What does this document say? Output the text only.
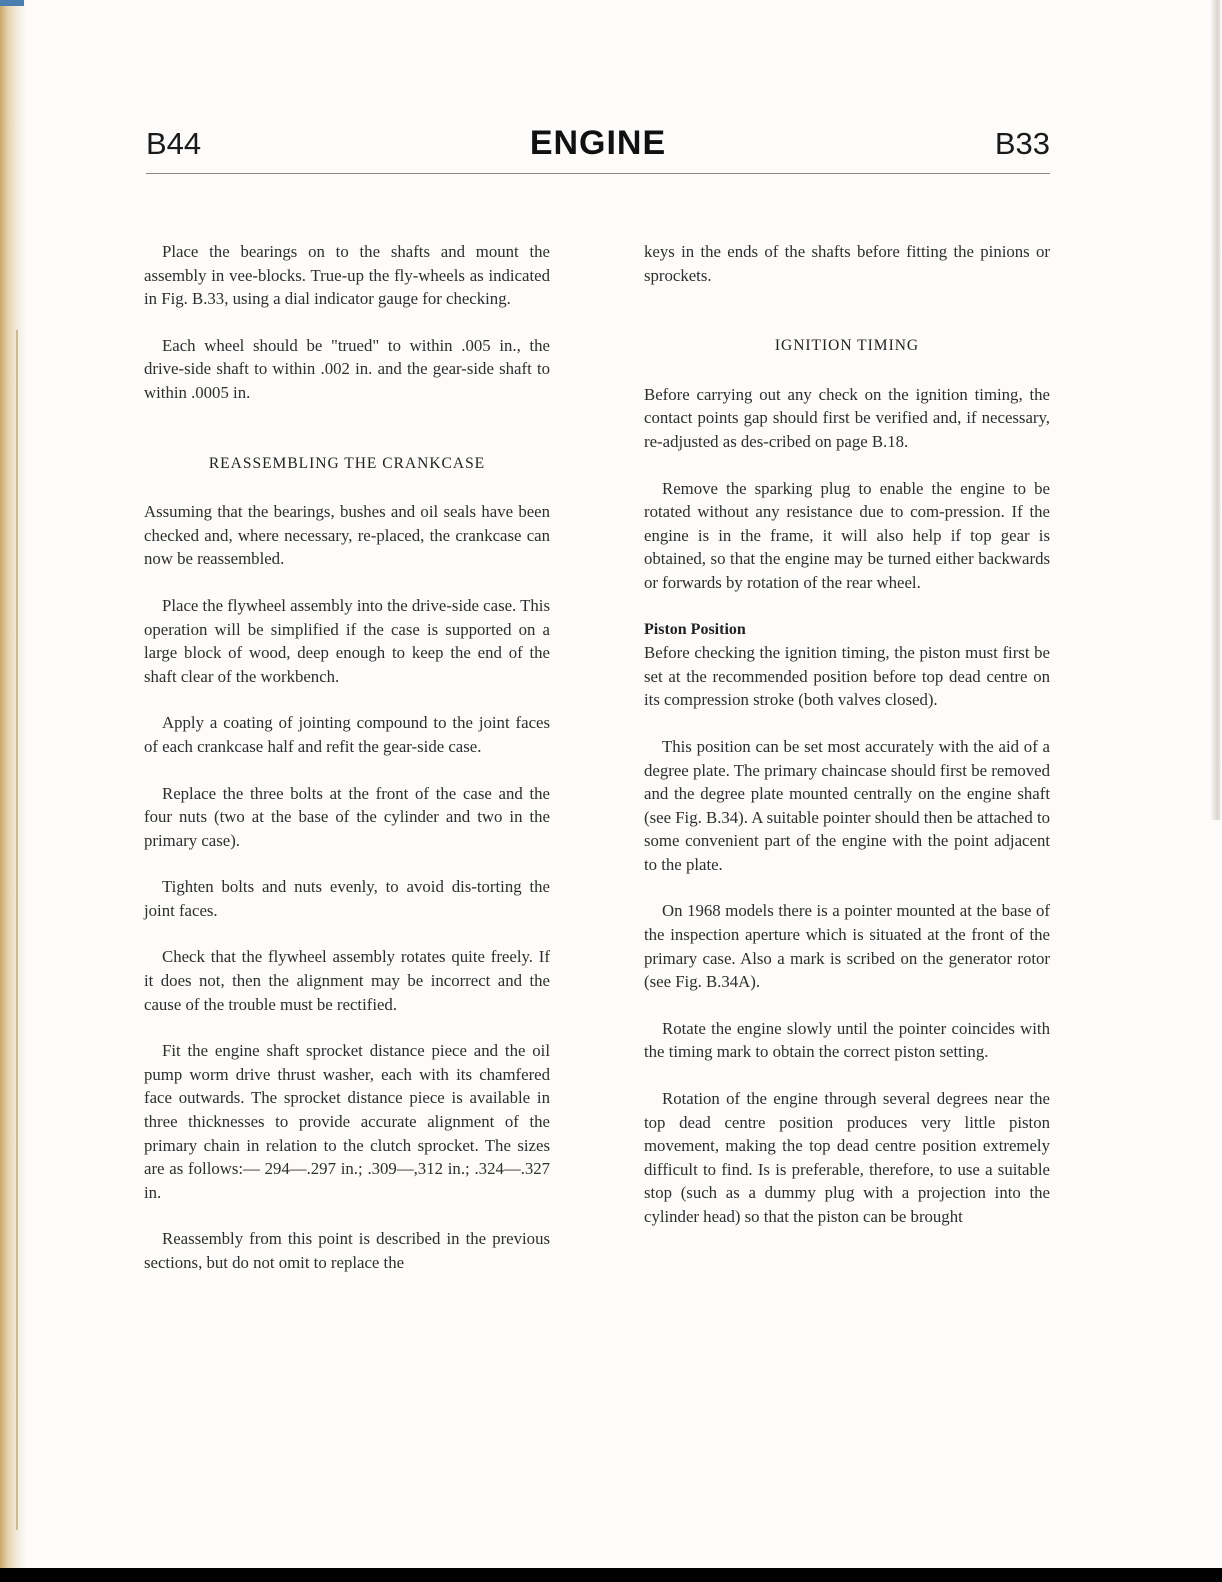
B44	ENGINE	B33

Place the bearings on to the shafts and mount the assembly in vee-blocks. True-up the fly-wheels as indicated in Fig. B.33, using a dial indicator gauge for checking.

Each wheel should be "trued" to within .005 in., the drive-side shaft to within .002 in. and the gear-side shaft to within .0005 in.

REASSEMBLING THE CRANKCASE

Assuming that the bearings, bushes and oil seals have been checked and, where necessary, re-placed, the crankcase can now be reassembled.

Place the flywheel assembly into the drive-side case. This operation will be simplified if the case is supported on a large block of wood, deep enough to keep the end of the shaft clear of the workbench.

Apply a coating of jointing compound to the joint faces of each crankcase half and refit the gear-side case.

Replace the three bolts at the front of the case and the four nuts (two at the base of the cylinder and two in the primary case).

Tighten bolts and nuts evenly, to avoid dis-torting the joint faces.

Check that the flywheel assembly rotates quite freely. If it does not, then the alignment may be incorrect and the cause of the trouble must be rectified.

Fit the engine shaft sprocket distance piece and the oil pump worm drive thrust washer, each with its chamfered face outwards. The sprocket distance piece is available in three thicknesses to provide accurate alignment of the primary chain in relation to the clutch sprocket. The sizes are as follows:— 294—.297 in.; .309—,312 in.; .324—.327 in.

Reassembly from this point is described in the previous sections, but do not omit to replace the

keys in the ends of the shafts before fitting the pinions or sprockets.

IGNITION TIMING

Before carrying out any check on the ignition timing, the contact points gap should first be verified and, if necessary, re-adjusted as des-cribed on page B.18.

Remove the sparking plug to enable the engine to be rotated without any resistance due to com-pression. If the engine is in the frame, it will also help if top gear is obtained, so that the engine may be turned either backwards or forwards by rotation of the rear wheel.

Piston Position

Before checking the ignition timing, the piston must first be set at the recommended position before top dead centre on its compression stroke (both valves closed).

This position can be set most accurately with the aid of a degree plate. The primary chaincase should first be removed and the degree plate mounted centrally on the engine shaft (see Fig. B.34). A suitable pointer should then be attached to some convenient part of the engine with the point adjacent to the plate.

On 1968 models there is a pointer mounted at the base of the inspection aperture which is situated at the front of the primary case. Also a mark is scribed on the generator rotor (see Fig. B.34A).

Rotate the engine slowly until the pointer coincides with the timing mark to obtain the correct piston setting.

Rotation of the engine through several degrees near the top dead centre position produces very little piston movement, making the top dead centre position extremely difficult to find. Is is preferable, therefore, to use a suitable stop (such as a dummy plug with a projection into the cylinder head) so that the piston can be brought
